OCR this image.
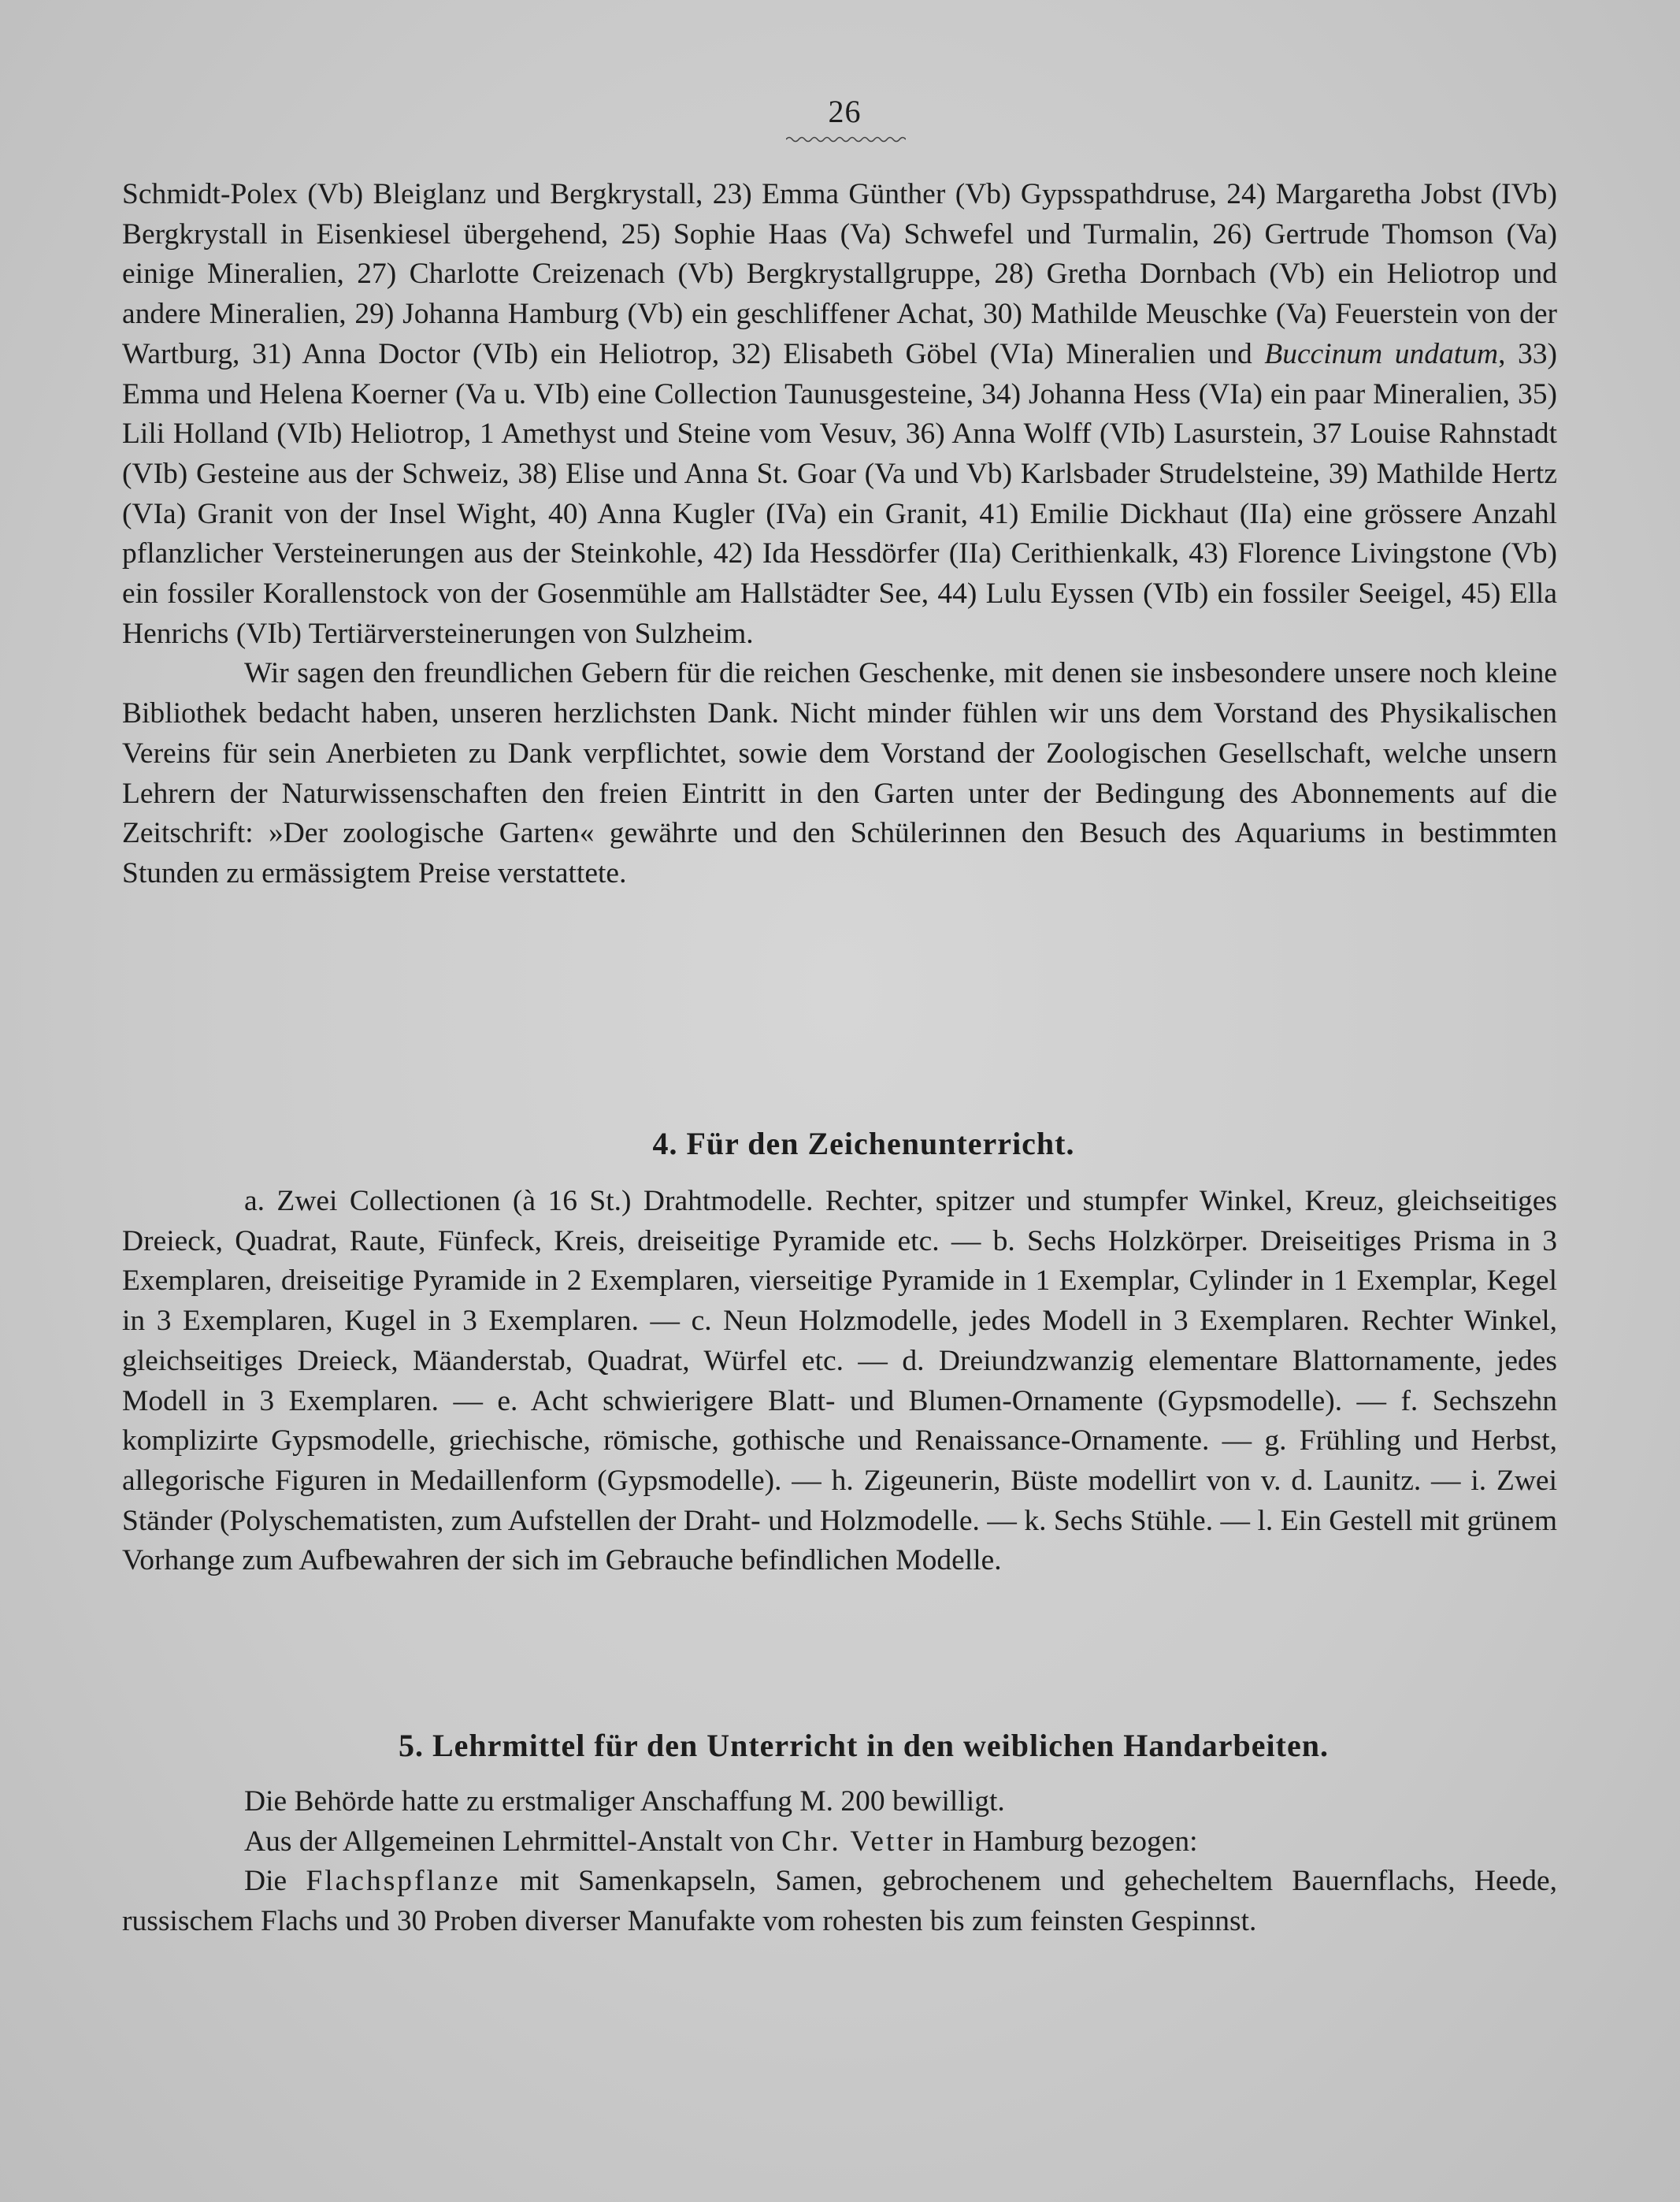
26

Schmidt-Polex (Vb) Bleiglanz und Bergkrystall, 23) Emma Günther (Vb) Gypsspathdruse, 24) Margaretha Jobst (IVb) Bergkrystall in Eisenkiesel übergehend, 25) Sophie Haas (Va) Schwefel und Turmalin, 26) Gertrude Thomson (Va) einige Mineralien, 27) Charlotte Creizenach (Vb) Bergkrystallgruppe, 28) Gretha Dornbach (Vb) ein Heliotrop und andere Mineralien, 29) Johanna Hamburg (Vb) ein geschliffener Achat, 30) Mathilde Meuschke (Va) Feuerstein von der Wartburg, 31) Anna Doctor (VIb) ein Heliotrop, 32) Elisabeth Göbel (VIa) Mineralien und Buccinum undatum, 33) Emma und Helena Koerner (Va u. VIb) eine Collection Taunusgesteine, 34) Johanna Hess (VIa) ein paar Mineralien, 35) Lili Holland (VIb) Heliotrop, 1 Amethyst und Steine vom Vesuv, 36) Anna Wolff (VIb) Lasurstein, 37 Louise Rahnstadt (VIb) Gesteine aus der Schweiz, 38) Elise und Anna St. Goar (Va und Vb) Karlsbader Strudelsteine, 39) Mathilde Hertz (VIa) Granit von der Insel Wight, 40) Anna Kugler (IVa) ein Granit, 41) Emilie Dickhaut (IIa) eine grössere Anzahl pflanzlicher Versteinerungen aus der Steinkohle, 42) Ida Hessdörfer (IIa) Cerithienkalk, 43) Florence Livingstone (Vb) ein fossiler Korallenstock von der Gosenmühle am Hallstädter See, 44) Lulu Eyssen (VIb) ein fossiler Seeigel, 45) Ella Henrichs (VIb) Tertiärversteinerungen von Sulzheim.

Wir sagen den freundlichen Gebern für die reichen Geschenke, mit denen sie insbesondere unsere noch kleine Bibliothek bedacht haben, unseren herzlichsten Dank. Nicht minder fühlen wir uns dem Vorstand des Physikalischen Vereins für sein Anerbieten zu Dank verpflichtet, sowie dem Vorstand der Zoologischen Gesellschaft, welche unsern Lehrern der Naturwissenschaften den freien Eintritt in den Garten unter der Bedingung des Abonnements auf die Zeitschrift: »Der zoologische Garten« gewährte und den Schülerinnen den Besuch des Aquariums in bestimmten Stunden zu ermässigtem Preise verstattete.

4. Für den Zeichenunterricht.

a. Zwei Collectionen (à 16 St.) Drahtmodelle. Rechter, spitzer und stumpfer Winkel, Kreuz, gleichseitiges Dreieck, Quadrat, Raute, Fünfeck, Kreis, dreiseitige Pyramide etc. — b. Sechs Holzkörper. Dreiseitiges Prisma in 3 Exemplaren, dreiseitige Pyramide in 2 Exemplaren, vierseitige Pyramide in 1 Exemplar, Cylinder in 1 Exemplar, Kegel in 3 Exemplaren, Kugel in 3 Exemplaren. — c. Neun Holzmodelle, jedes Modell in 3 Exemplaren. Rechter Winkel, gleichseitiges Dreieck, Mäanderstab, Quadrat, Würfel etc. — d. Dreiundzwanzig elementare Blattornamente, jedes Modell in 3 Exemplaren. — e. Acht schwierigere Blatt- und Blumen-Ornamente (Gypsmodelle). — f. Sechszehn komplizirte Gypsmodelle, griechische, römische, gothische und Renaissance-Ornamente. — g. Frühling und Herbst, allegorische Figuren in Medaillenform (Gypsmodelle). — h. Zigeunerin, Büste modellirt von v. d. Launitz. — i. Zwei Ständer (Polyschematisten, zum Aufstellen der Draht- und Holzmodelle. — k. Sechs Stühle. — l. Ein Gestell mit grünem Vorhange zum Aufbewahren der sich im Gebrauche befindlichen Modelle.

5. Lehrmittel für den Unterricht in den weiblichen Handarbeiten.

Die Behörde hatte zu erstmaliger Anschaffung M. 200 bewilligt.

Aus der Allgemeinen Lehrmittel-Anstalt von Chr. Vetter in Hamburg bezogen:

Die Flachspflanze mit Samenkapseln, Samen, gebrochenem und gehecheltem Bauernflachs, Heede, russischem Flachs und 30 Proben diverser Manufakte vom rohesten bis zum feinsten Gespinnst.
